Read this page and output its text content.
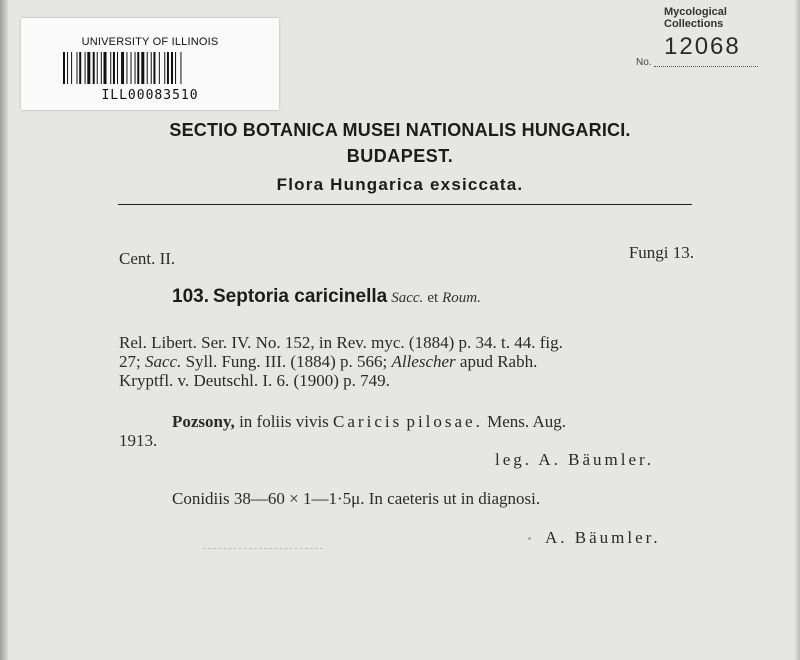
UNIVERSITY OF ILLINOIS
ILL00083510
Mycological Collections
12068
No.
SECTIO BOTANICA MUSEI NATIONALIS HUNGARICI.
BUDAPEST.
Flora Hungarica exsiccata.
Cent. II.	Fungi 13.
103. Septoria caricinella Sacc. et Roum.
Rel. Libert. Ser. IV. No. 152, in Rev. myc. (1884) p. 34. t. 44. fig.
27; Sacc. Syll. Fung. III. (1884) p. 566; Allescher apud Rabh.
Kryptfl. v. Deutschl. I. 6. (1900) p. 749.
Pozsony, in foliis vivis Caricis pilosae. Mens. Aug.
1913.
leg. A. Bäumler.
Conidiis 38—60 × 1—1·5μ. In caeteris ut in diagnosi.
A. Bäumler.
